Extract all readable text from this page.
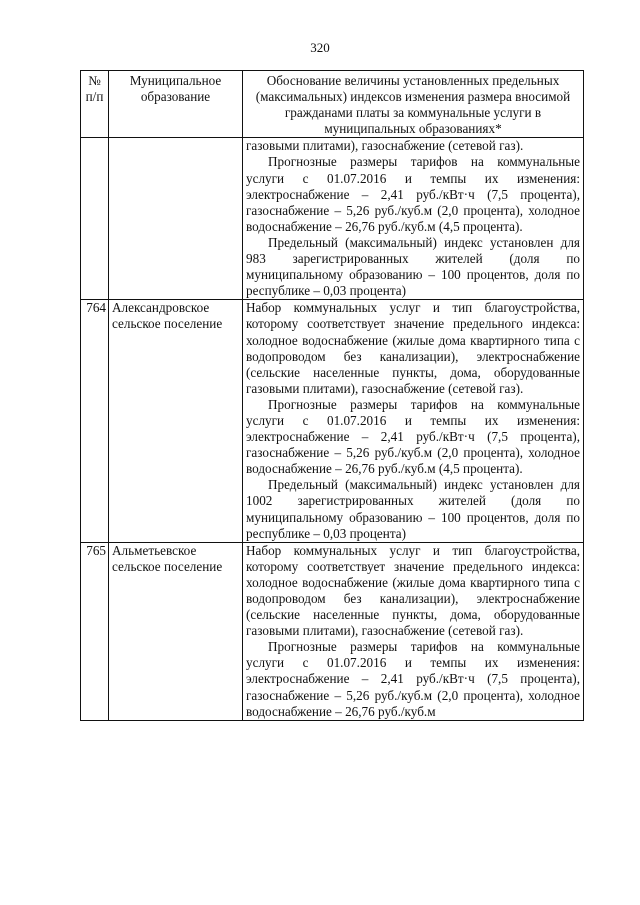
320
№ п/п	Муниципальное образование	Обоснование величины установленных предельных (максимальных) индексов изменения размера вносимой гражданами платы за коммунальные услуги в муниципальных образованиях*

		газовыми плитами), газоснабжение (сетевой газ).
Прогнозные размеры тарифов на коммунальные услуги с 01.07.2016 и темпы их изменения: электроснабжение – 2,41 руб./кВт·ч (7,5 процента), газоснабжение – 5,26 руб./куб.м (2,0 процента), холодное водоснабжение – 26,76 руб./куб.м (4,5 процента).
Предельный (максимальный) индекс установлен для 983 зарегистрированных жителей (доля по муниципальному образованию – 100 процентов, доля по республике – 0,03 процента)

764	Александровское сельское поселение	Набор коммунальных услуг и тип благоустройства, которому соответствует значение предельного индекса: холодное водоснабжение (жилые дома квартирного типа с водопроводом без канализации), электроснабжение (сельские населенные пункты, дома, оборудованные газовыми плитами), газоснабжение (сетевой газ).
Прогнозные размеры тарифов на коммунальные услуги с 01.07.2016 и темпы их изменения: электроснабжение – 2,41 руб./кВт·ч (7,5 процента), газоснабжение – 5,26 руб./куб.м (2,0 процента), холодное водоснабжение – 26,76 руб./куб.м (4,5 процента).
Предельный (максимальный) индекс установлен для 1002 зарегистрированных жителей (доля по муниципальному образованию – 100 процентов, доля по республике – 0,03 процента)

765	Альметьевское сельское поселение	Набор коммунальных услуг и тип благоустройства, которому соответствует значение предельного индекса: холодное водоснабжение (жилые дома квартирного типа с водопроводом без канализации), электроснабжение (сельские населенные пункты, дома, оборудованные газовыми плитами), газоснабжение (сетевой газ).
Прогнозные размеры тарифов на коммунальные услуги с 01.07.2016 и темпы их изменения: электроснабжение – 2,41 руб./кВт·ч (7,5 процента), газоснабжение – 5,26 руб./куб.м (2,0 процента), холодное водоснабжение – 26,76 руб./куб.м
